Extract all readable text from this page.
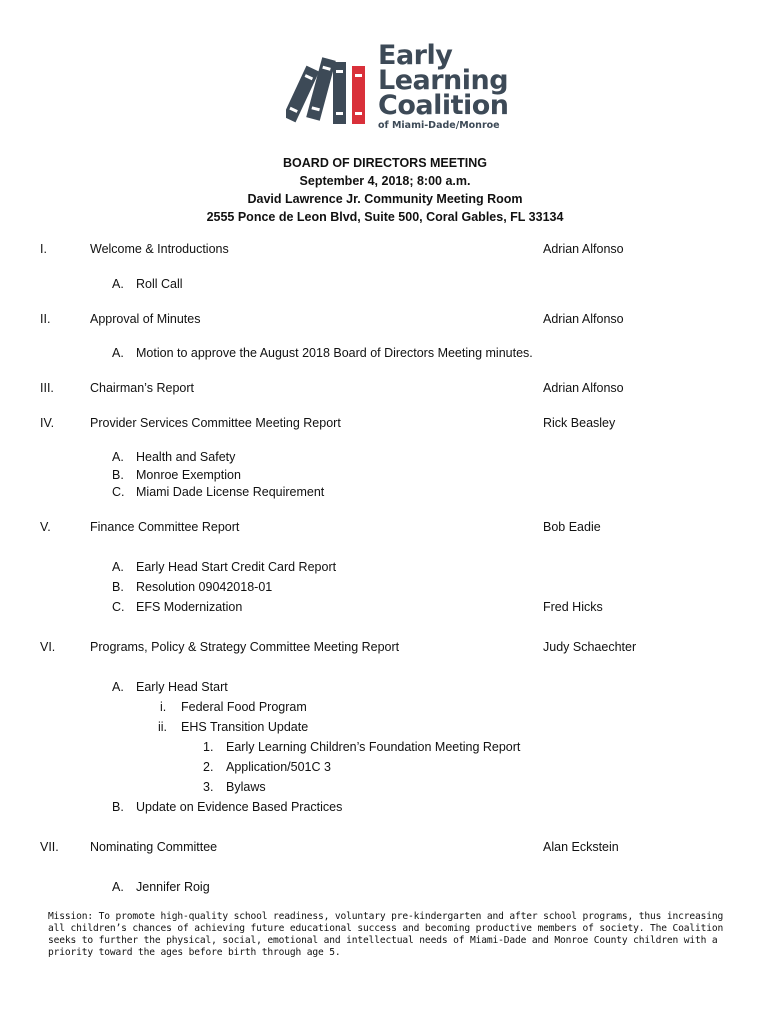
Early
Learning
Coalition
of Miami-Dade/Monroe
BOARD OF DIRECTORS MEETING
September 4, 2018; 8:00 a.m.
David Lawrence Jr. Community Meeting Room
2555 Ponce de Leon Blvd, Suite 500, Coral Gables, FL 33134
I.	Welcome & Introductions	Adrian Alfonso
A. Roll Call
II.	Approval of Minutes	Adrian Alfonso
A. Motion to approve the August 2018 Board of Directors Meeting minutes.
III.	Chairman’s Report	Adrian Alfonso
IV.	Provider Services Committee Meeting Report	Rick Beasley
A. Health and Safety
B. Monroe Exemption
C. Miami Dade License Requirement
V.	Finance Committee Report	Bob Eadie
A. Early Head Start Credit Card Report
B. Resolution 09042018-01
C. EFS Modernization	Fred Hicks
VI.	Programs, Policy & Strategy Committee Meeting Report	Judy Schaechter
A. Early Head Start
i. Federal Food Program
ii. EHS Transition Update
1. Early Learning Children’s Foundation Meeting Report
2. Application/501C 3
3. Bylaws
B. Update on Evidence Based Practices
VII.	Nominating Committee	Alan Eckstein
A. Jennifer Roig
Mission: To promote high-quality school readiness, voluntary pre-kindergarten and after school programs, thus increasing all children’s chances of achieving future educational success and becoming productive members of society. The Coalition seeks to further the physical, social, emotional and intellectual needs of Miami-Dade and Monroe County children with a priority toward the ages before birth through age 5.
